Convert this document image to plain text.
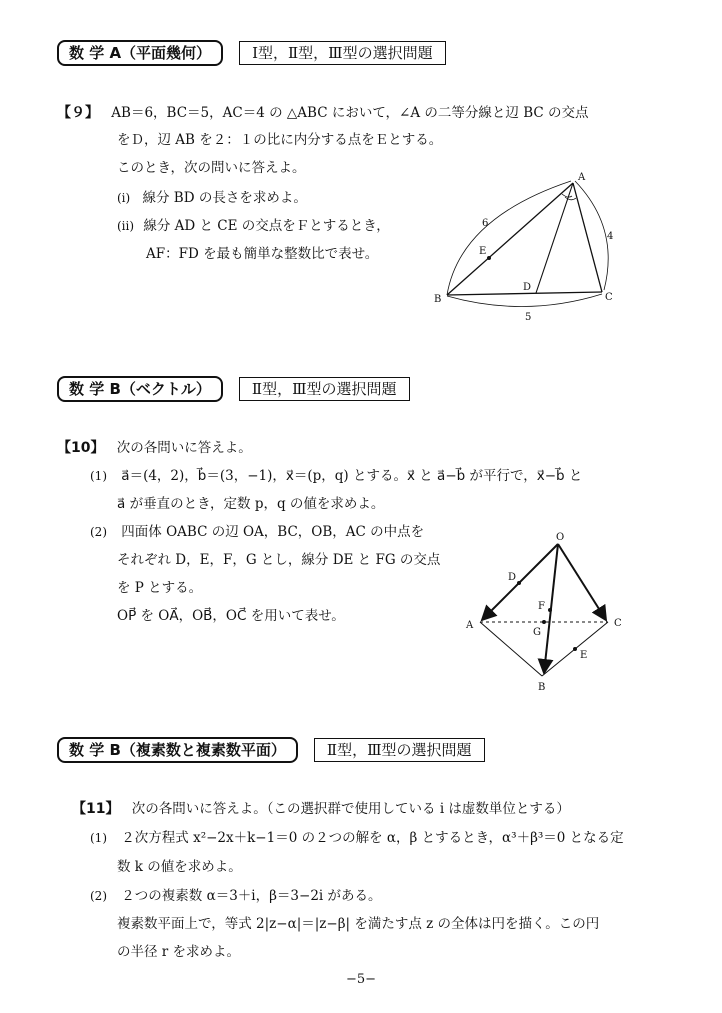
数 学 A（平面幾何）	Ⅰ型，Ⅱ型，Ⅲ型の選択問題
【９】 AB＝6，BC＝5，AC＝4 の △ABC において，∠A の二等分線と辺 BC の交点
をＤ，辺 AB を２：１の比に内分する点をＥとする。
このとき，次の問いに答えよ。
(i) 線分 BD の長さを求めよ。
(ii) 線分 AD と CE の交点をＦとするとき，
AF：FD を最も簡単な整数比で表せ。
A
B	C
D
E
6
4
5
数 学 B（ベクトル）	Ⅱ型，Ⅲ型の選択問題
【10】 次の各問いに答えよ。
(1) a⃗＝(4，2)，b⃗＝(3，−1)，x⃗＝(p，q) とする。x⃗ と a⃗−b⃗ が平行で，x⃗−b⃗ と
a⃗ が垂直のとき，定数 p，q の値を求めよ。
(2) 四面体 OABC の辺 OA，BC，OB，AC の中点を
それぞれ D，E，F，G とし，線分 DE と FG の交点
を P とする。
OP⃗ を OA⃗，OB⃗，OC⃗ を用いて表せ。
O
A
B
C
D
E
F
G
数 学 B（複素数と複素数平面）	Ⅱ型，Ⅲ型の選択問題
【11】 次の各問いに答えよ。（この選択群で使用している i は虚数単位とする）
(1) ２次方程式 x²−2x＋k−1＝0 の２つの解を α，β とするとき，α³＋β³＝0 となる定
数 k の値を求めよ。
(2) ２つの複素数 α＝3＋i，β＝3−2i がある。
複素数平面上で，等式 2|z−α|＝|z−β| を満たす点 z の全体は円を描く。この円
の半径 r を求めよ。
−5−
